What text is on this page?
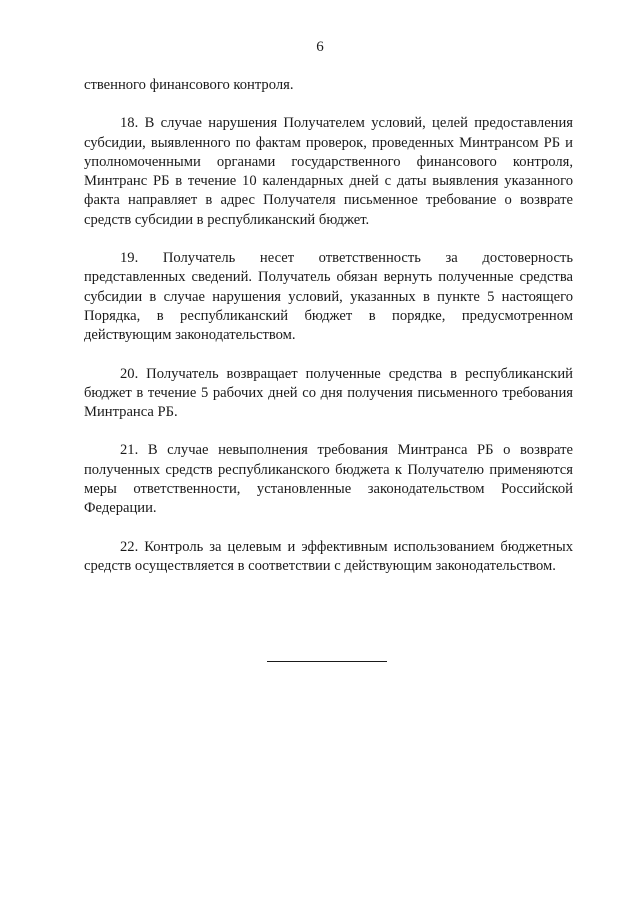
6

ственного финансового контроля.

18. В случае нарушения Получателем условий, целей предоставления субсидии, выявленного по фактам проверок, проведенных Минтрансом РБ и уполномоченными органами государственного финансового контроля, Минтранс РБ в течение 10 календарных дней с даты выявления указанного факта направляет в адрес Получателя письменное требование о возврате средств субсидии в республиканский бюджет.

19. Получатель несет ответственность за достоверность представленных сведений. Получатель обязан вернуть полученные средства субсидии в случае нарушения условий, указанных в пункте 5 настоящего Порядка, в республиканский бюджет в порядке, предусмотренном действующим законодательством.

20. Получатель возвращает полученные средства в республиканский бюджет в течение 5 рабочих дней со дня получения письменного требования Минтранса РБ.

21. В случае невыполнения требования Минтранса РБ о возврате полученных средств республиканского бюджета к Получателю применяются меры ответственности, установленные законодательством Российской Федерации.

22. Контроль за целевым и эффективным использованием бюджетных средств осуществляется в соответствии с действующим законодательством.
